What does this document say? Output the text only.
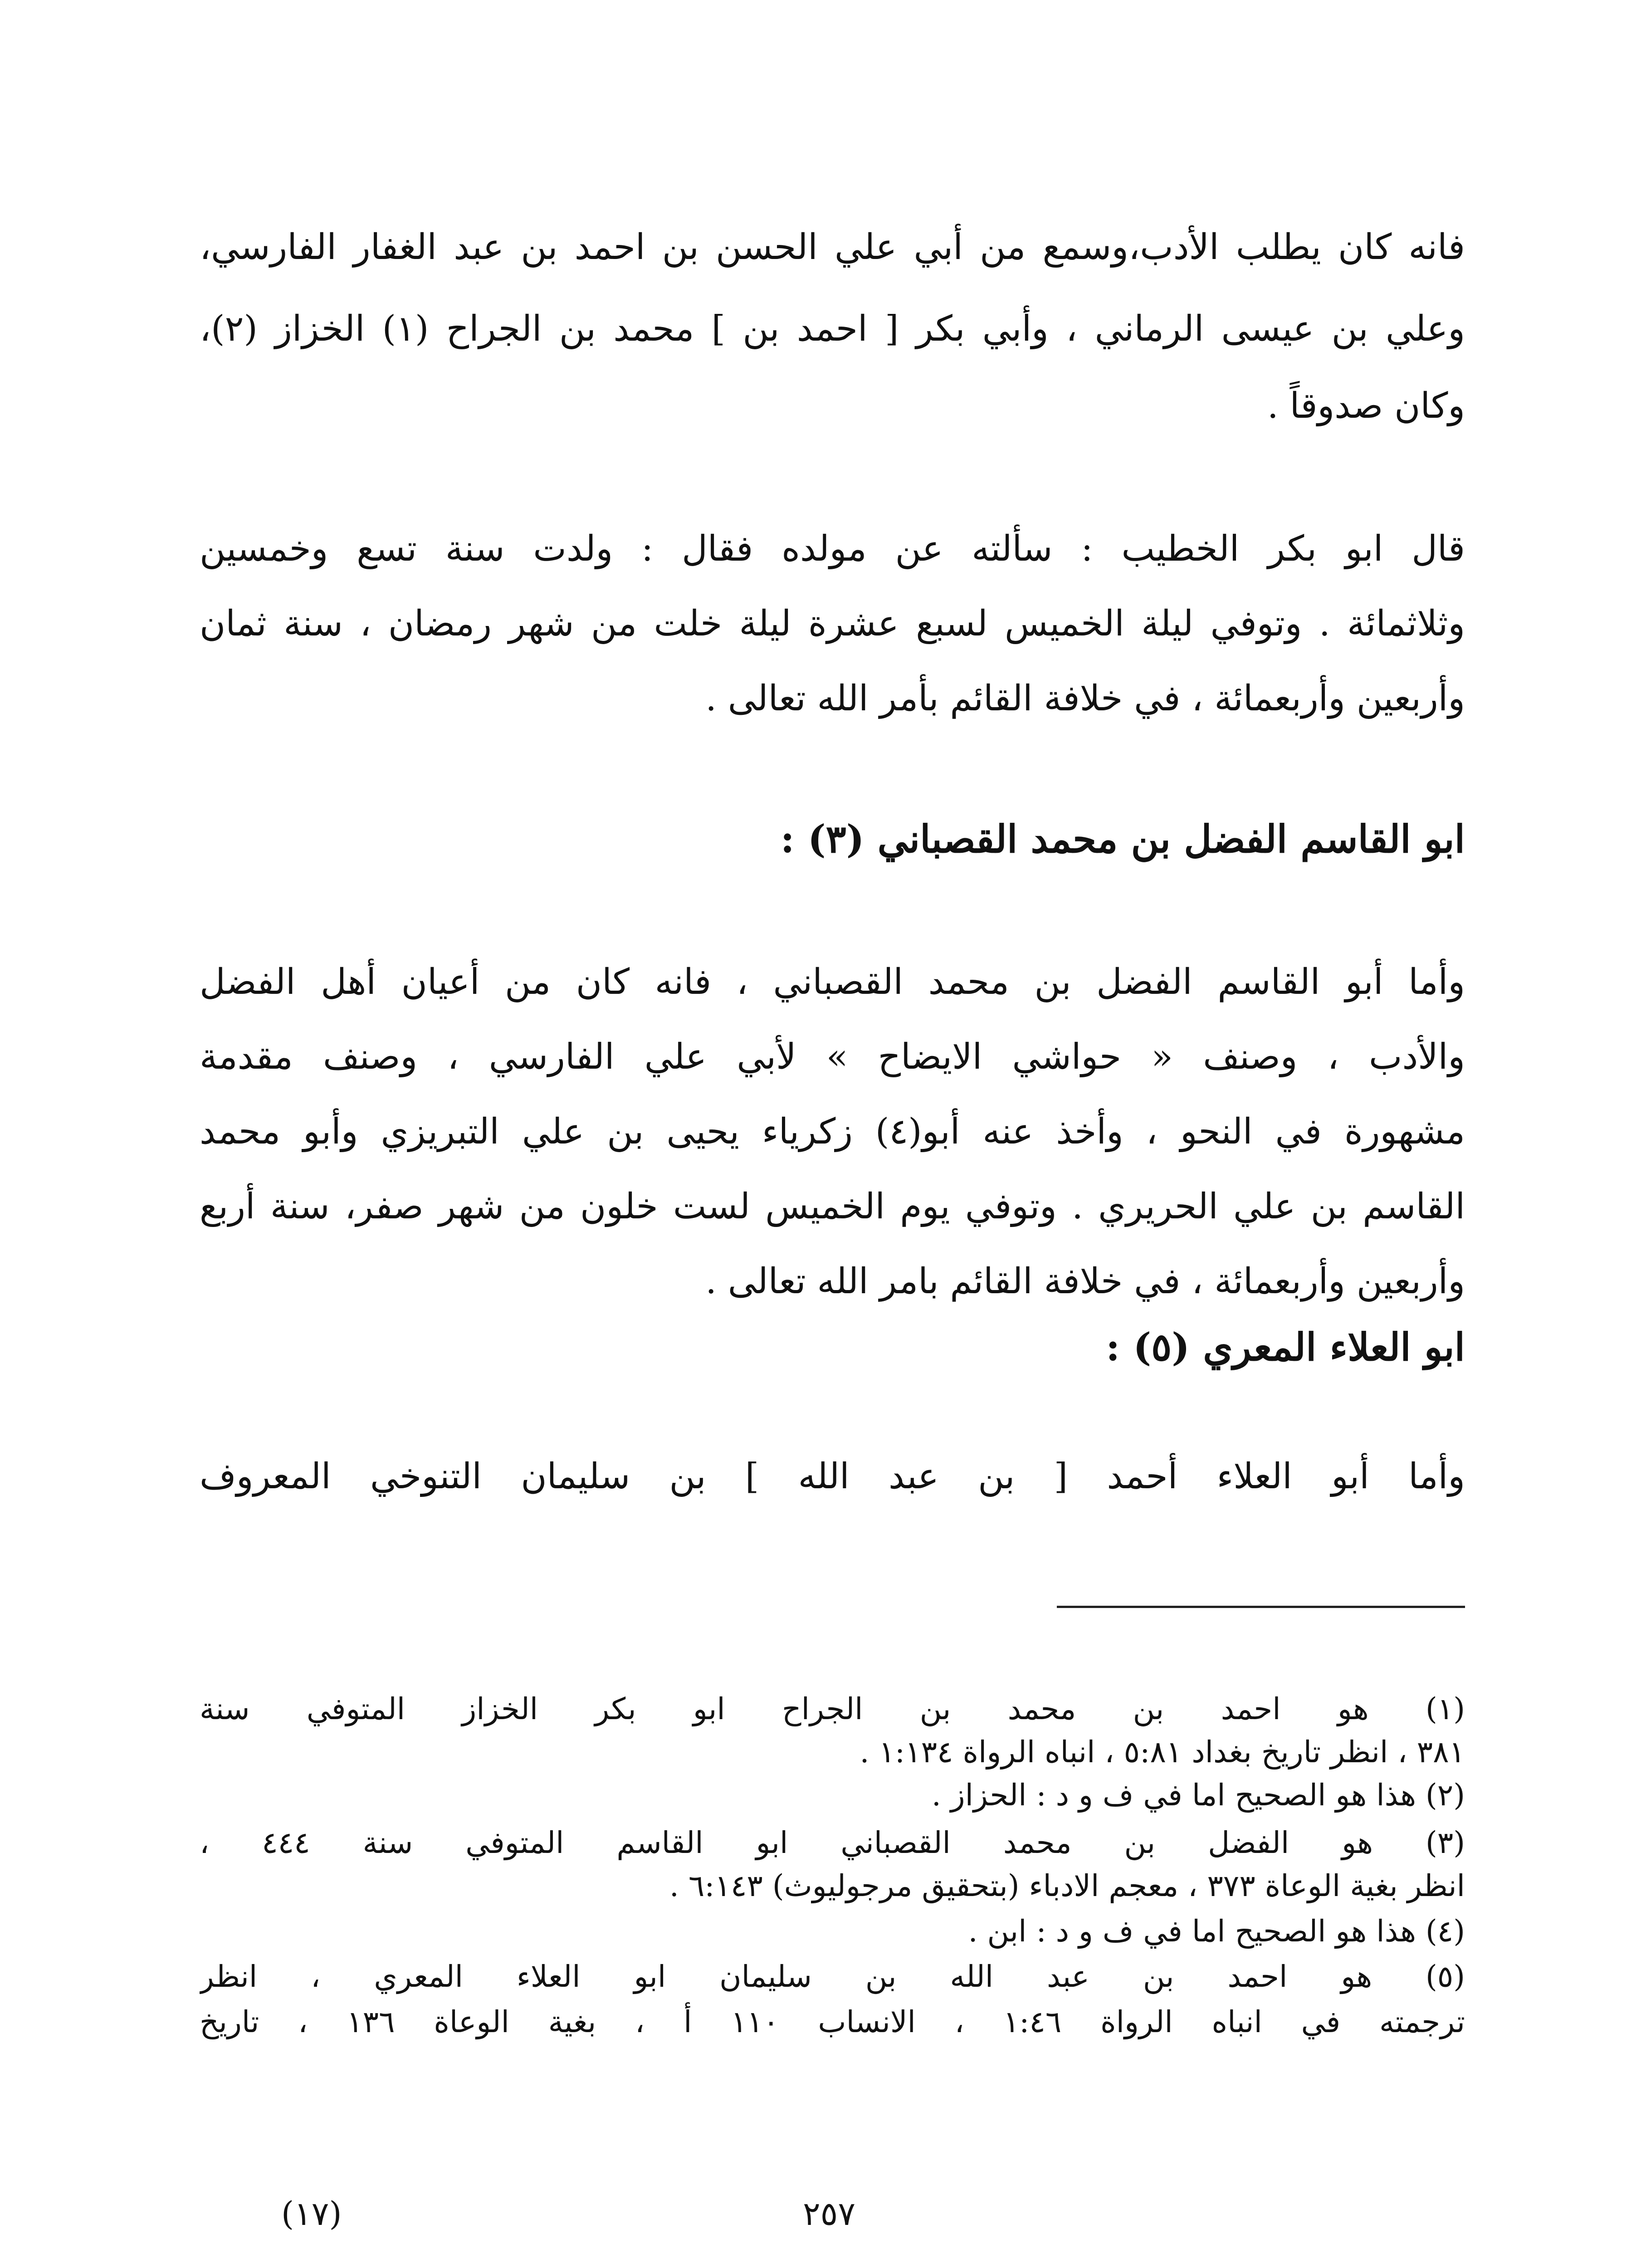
فانه كان يطلب الأدب،وسمع من أبي علي الحسن بن احمد بن عبد الغفار الفارسي،
وعلي بن عيسى الرماني ، وأبي بكر [ احمد بن ] محمد بن الجراح (١) الخزاز (٢)،
وكان صدوقاً .
قال ابو بكر الخطيب : سألته عن مولده فقال : ولدت سنة تسع وخمسين
وثلاثمائة . وتوفي ليلة الخميس لسبع عشرة ليلة خلت من شهر رمضان ، سنة ثمان
وأربعين وأربعمائة ، في خلافة القائم بأمر الله تعالى .
ابو القاسم الفضل بن محمد القصباني (٣) :
وأما أبو القاسم الفضل بن محمد القصباني ، فانه كان من أعيان أهل الفضل
والأدب ، وصنف « حواشي الايضاح » لأبي علي الفارسي ، وصنف مقدمة
مشهورة في النحو ، وأخذ عنه أبو(٤) زكرياء يحيى بن علي التبريزي وأبو محمد
القاسم بن علي الحريري . وتوفي يوم الخميس لست خلون من شهر صفر، سنة أربع
وأربعين وأربعمائة ، في خلافة القائم بامر الله تعالى .
ابو العلاء المعري (٥) :
وأما أبو العلاء أحمد [ بن عبد الله ] بن سليمان التنوخي المعروف
(١) هو احمد بن محمد بن الجراح ابو بكر الخزاز المتوفي سنة
٣٨١ ، انظر تاريخ بغداد ٥:٨١ ، انباه الرواة ١:١٣٤ .
(٢) هذا هو الصحيح اما في ف و د : الحزاز .
(٣) هو الفضل بن محمد القصباني ابو القاسم المتوفي سنة ٤٤٤ ،
انظر بغية الوعاة ٣٧٣ ، معجم الادباء (بتحقيق مرجوليوث) ٦:١٤٣ .
(٤) هذا هو الصحيح اما في ف و د : ابن .
(٥) هو احمد بن عبد الله بن سليمان ابو العلاء المعري ، انظر
ترجمته في انباه الرواة ١:٤٦ ، الانساب ١١٠ أ ، بغية الوعاة ١٣٦ ، تاريخ
(١٧)	٢٥٧
